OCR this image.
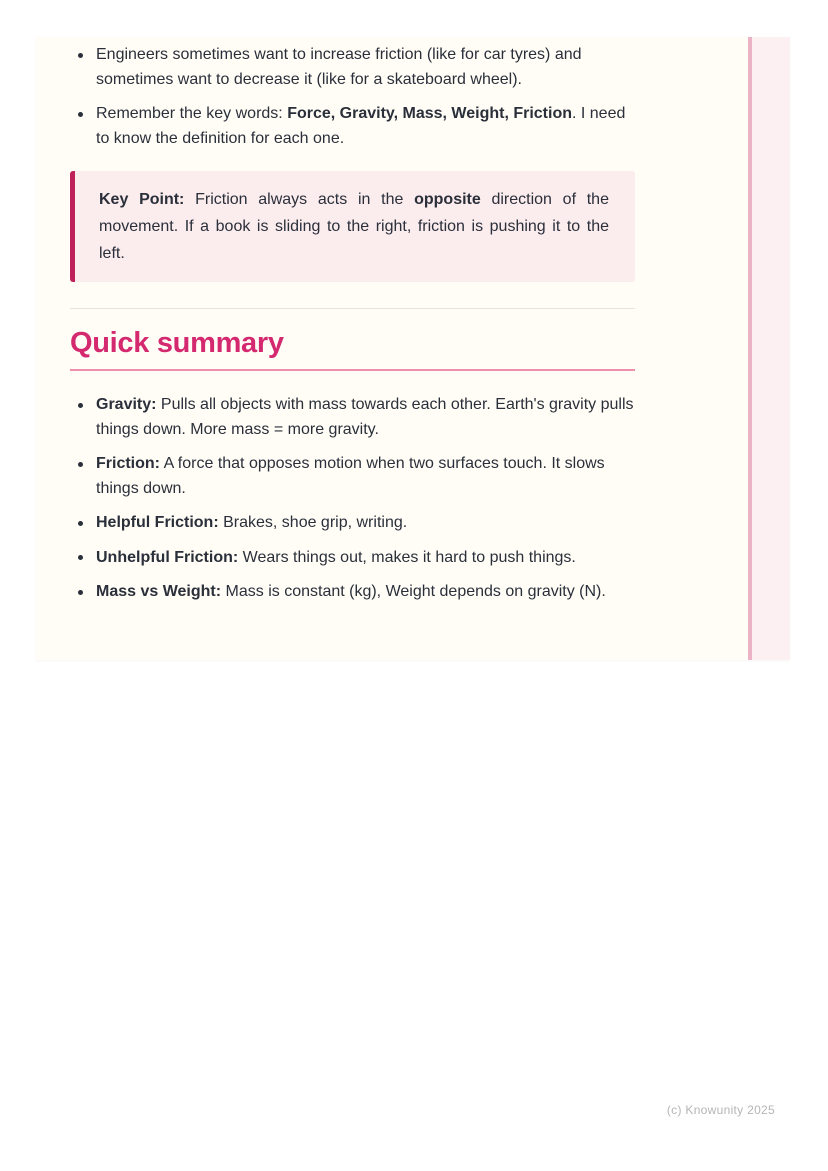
Engineers sometimes want to increase friction (like for car tyres) and sometimes want to decrease it (like for a skateboard wheel).
Remember the key words: Force, Gravity, Mass, Weight, Friction. I need to know the definition for each one.
Key Point: Friction always acts in the opposite direction of the movement. If a book is sliding to the right, friction is pushing it to the left.
Quick summary
Gravity: Pulls all objects with mass towards each other. Earth's gravity pulls things down. More mass = more gravity.
Friction: A force that opposes motion when two surfaces touch. It slows things down.
Helpful Friction: Brakes, shoe grip, writing.
Unhelpful Friction: Wears things out, makes it hard to push things.
Mass vs Weight: Mass is constant (kg), Weight depends on gravity (N).
(c) Knowunity 2025
